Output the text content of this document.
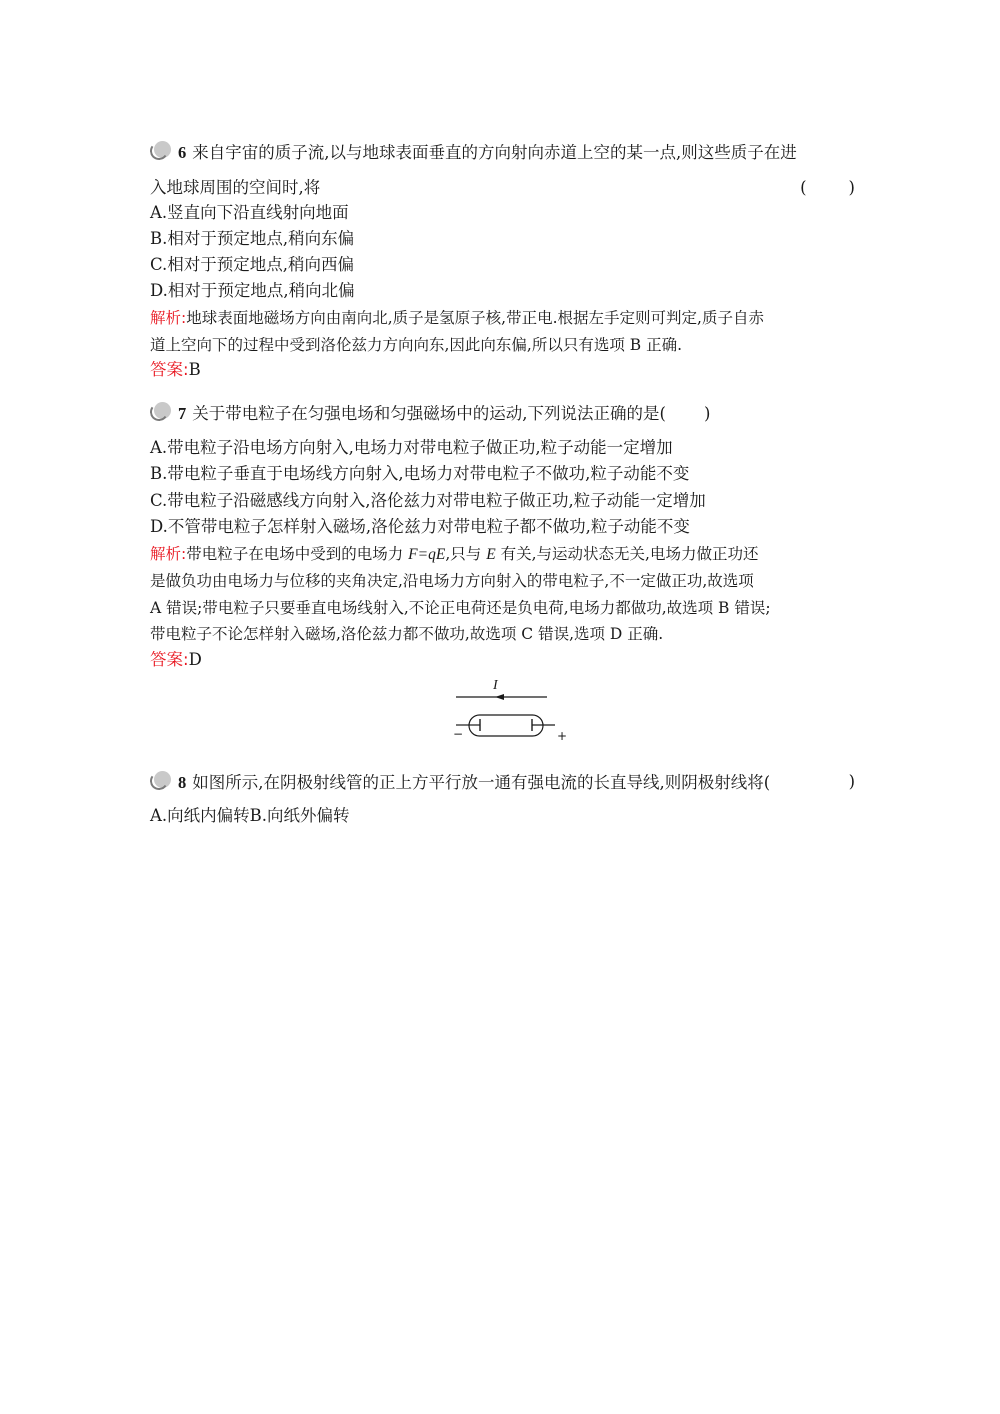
6 来自宇宙的质子流,以与地球表面垂直的方向射向赤道上空的某一点,则这些质子在进
入地球周围的空间时,将	(        )
A.竖直向下沿直线射向地面
B.相对于预定地点,稍向东偏
C.相对于预定地点,稍向西偏
D.相对于预定地点,稍向北偏
解析:地球表面地磁场方向由南向北,质子是氢原子核,带正电.根据左手定则可判定,质子自赤
道上空向下的过程中受到洛伦兹力方向向东,因此向东偏,所以只有选项 B 正确.
答案:B
7 关于带电粒子在匀强电场和匀强磁场中的运动,下列说法正确的是( )
A.带电粒子沿电场方向射入,电场力对带电粒子做正功,粒子动能一定增加
B.带电粒子垂直于电场线方向射入,电场力对带电粒子不做功,粒子动能不变
C.带电粒子沿磁感线方向射入,洛伦兹力对带电粒子做正功,粒子动能一定增加
D.不管带电粒子怎样射入磁场,洛伦兹力对带电粒子都不做功,粒子动能不变
解析:带电粒子在电场中受到的电场力 F=qE,只与 E 有关,与运动状态无关,电场力做正功还
是做负功由电场力与位移的夹角决定,沿电场力方向射入的带电粒子,不一定做正功,故选项
A 错误;带电粒子只要垂直电场线射入,不论正电荷还是负电荷,电场力都做功,故选项 B 错误;
带电粒子不论怎样射入磁场,洛伦兹力都不做功,故选项 C 错误,选项 D 正确.
答案:D
8 如图所示,在阴极射线管的正上方平行放一通有强电流的长直导线,则阴极射线将(	)
A.向纸内偏转B.向纸外偏转
I
−	+
